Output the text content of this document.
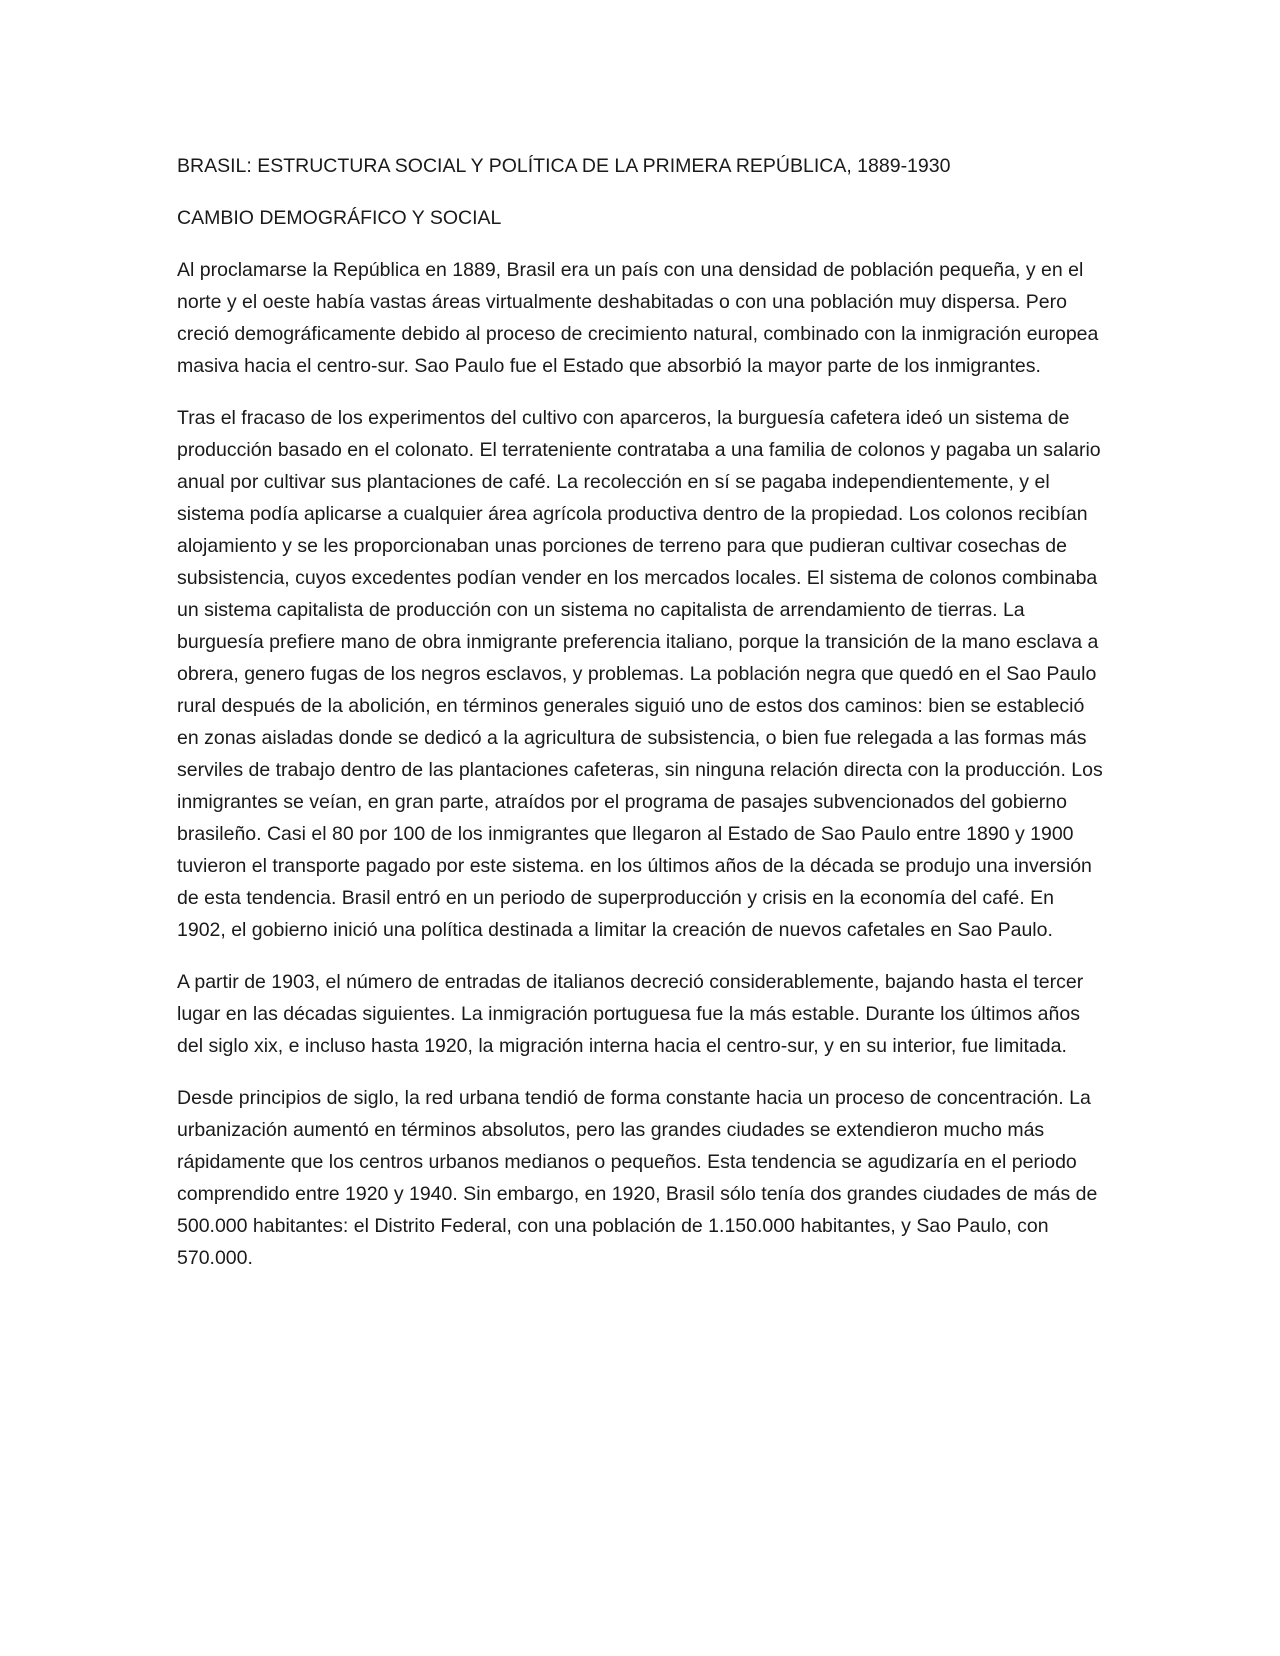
BRASIL: ESTRUCTURA SOCIAL Y POLÍTICA DE LA PRIMERA REPÚBLICA, 1889-1930

CAMBIO DEMOGRÁFICO Y SOCIAL

Al proclamarse la República en 1889, Brasil era un país con una densidad de población pequeña, y en el norte y el oeste había vastas áreas virtualmente deshabitadas o con una población muy dispersa. Pero creció demográficamente debido al proceso de crecimiento natural, combinado con la inmigración europea masiva hacia el centro-sur. Sao Paulo fue el Estado que absorbió la mayor parte de los inmigrantes.

Tras el fracaso de los experimentos del cultivo con aparceros, la burguesía cafetera ideó un sistema de producción basado en el colonato. El terrateniente contrataba a una familia de colonos y pagaba un salario anual por cultivar sus plantaciones de café. La recolección en sí se pagaba independientemente, y el sistema podía aplicarse a cualquier área agrícola productiva dentro de la propiedad. Los colonos recibían alojamiento y se les proporcionaban unas porciones de terreno para que pudieran cultivar cosechas de subsistencia, cuyos excedentes podían vender en los mercados locales. El sistema de colonos combinaba un sistema capitalista de producción con un sistema no capitalista de arrendamiento de tierras. La burguesía prefiere mano de obra inmigrante preferencia italiano, porque la transición de la mano esclava a obrera, genero fugas de los negros esclavos, y problemas. La población negra que quedó en el Sao Paulo rural después de la abolición, en términos generales siguió uno de estos dos caminos: bien se estableció en zonas aisladas donde se dedicó a la agricultura de subsistencia, o bien fue relegada a las formas más serviles de trabajo dentro de las plantaciones cafeteras, sin ninguna relación directa con la producción. Los inmigrantes se veían, en gran parte, atraídos por el programa de pasajes subvencionados del gobierno brasileño. Casi el 80 por 100 de los inmigrantes que llegaron al Estado de Sao Paulo entre 1890 y 1900 tuvieron el transporte pagado por este sistema. en los últimos años de la década se produjo una inversión de esta tendencia. Brasil entró en un periodo de superproducción y crisis en la economía del café. En 1902, el gobierno inició una política destinada a limitar la creación de nuevos cafetales en Sao Paulo.

A partir de 1903, el número de entradas de italianos decreció considerablemente, bajando hasta el tercer lugar en las décadas siguientes. La inmigración portuguesa fue la más estable. Durante los últimos años del siglo xix, e incluso hasta 1920, la migración interna hacia el centro-sur, y en su interior, fue limitada.

Desde principios de siglo, la red urbana tendió de forma constante hacia un proceso de concentración. La urbanización aumentó en términos absolutos, pero las grandes ciudades se extendieron mucho más rápidamente que los centros urbanos medianos o pequeños. Esta tendencia se agudizaría en el periodo comprendido entre 1920 y 1940. Sin embargo, en 1920, Brasil sólo tenía dos grandes ciudades de más de 500.000 habitantes: el Distrito Federal, con una población de 1.150.000 habitantes, y Sao Paulo, con 570.000.
